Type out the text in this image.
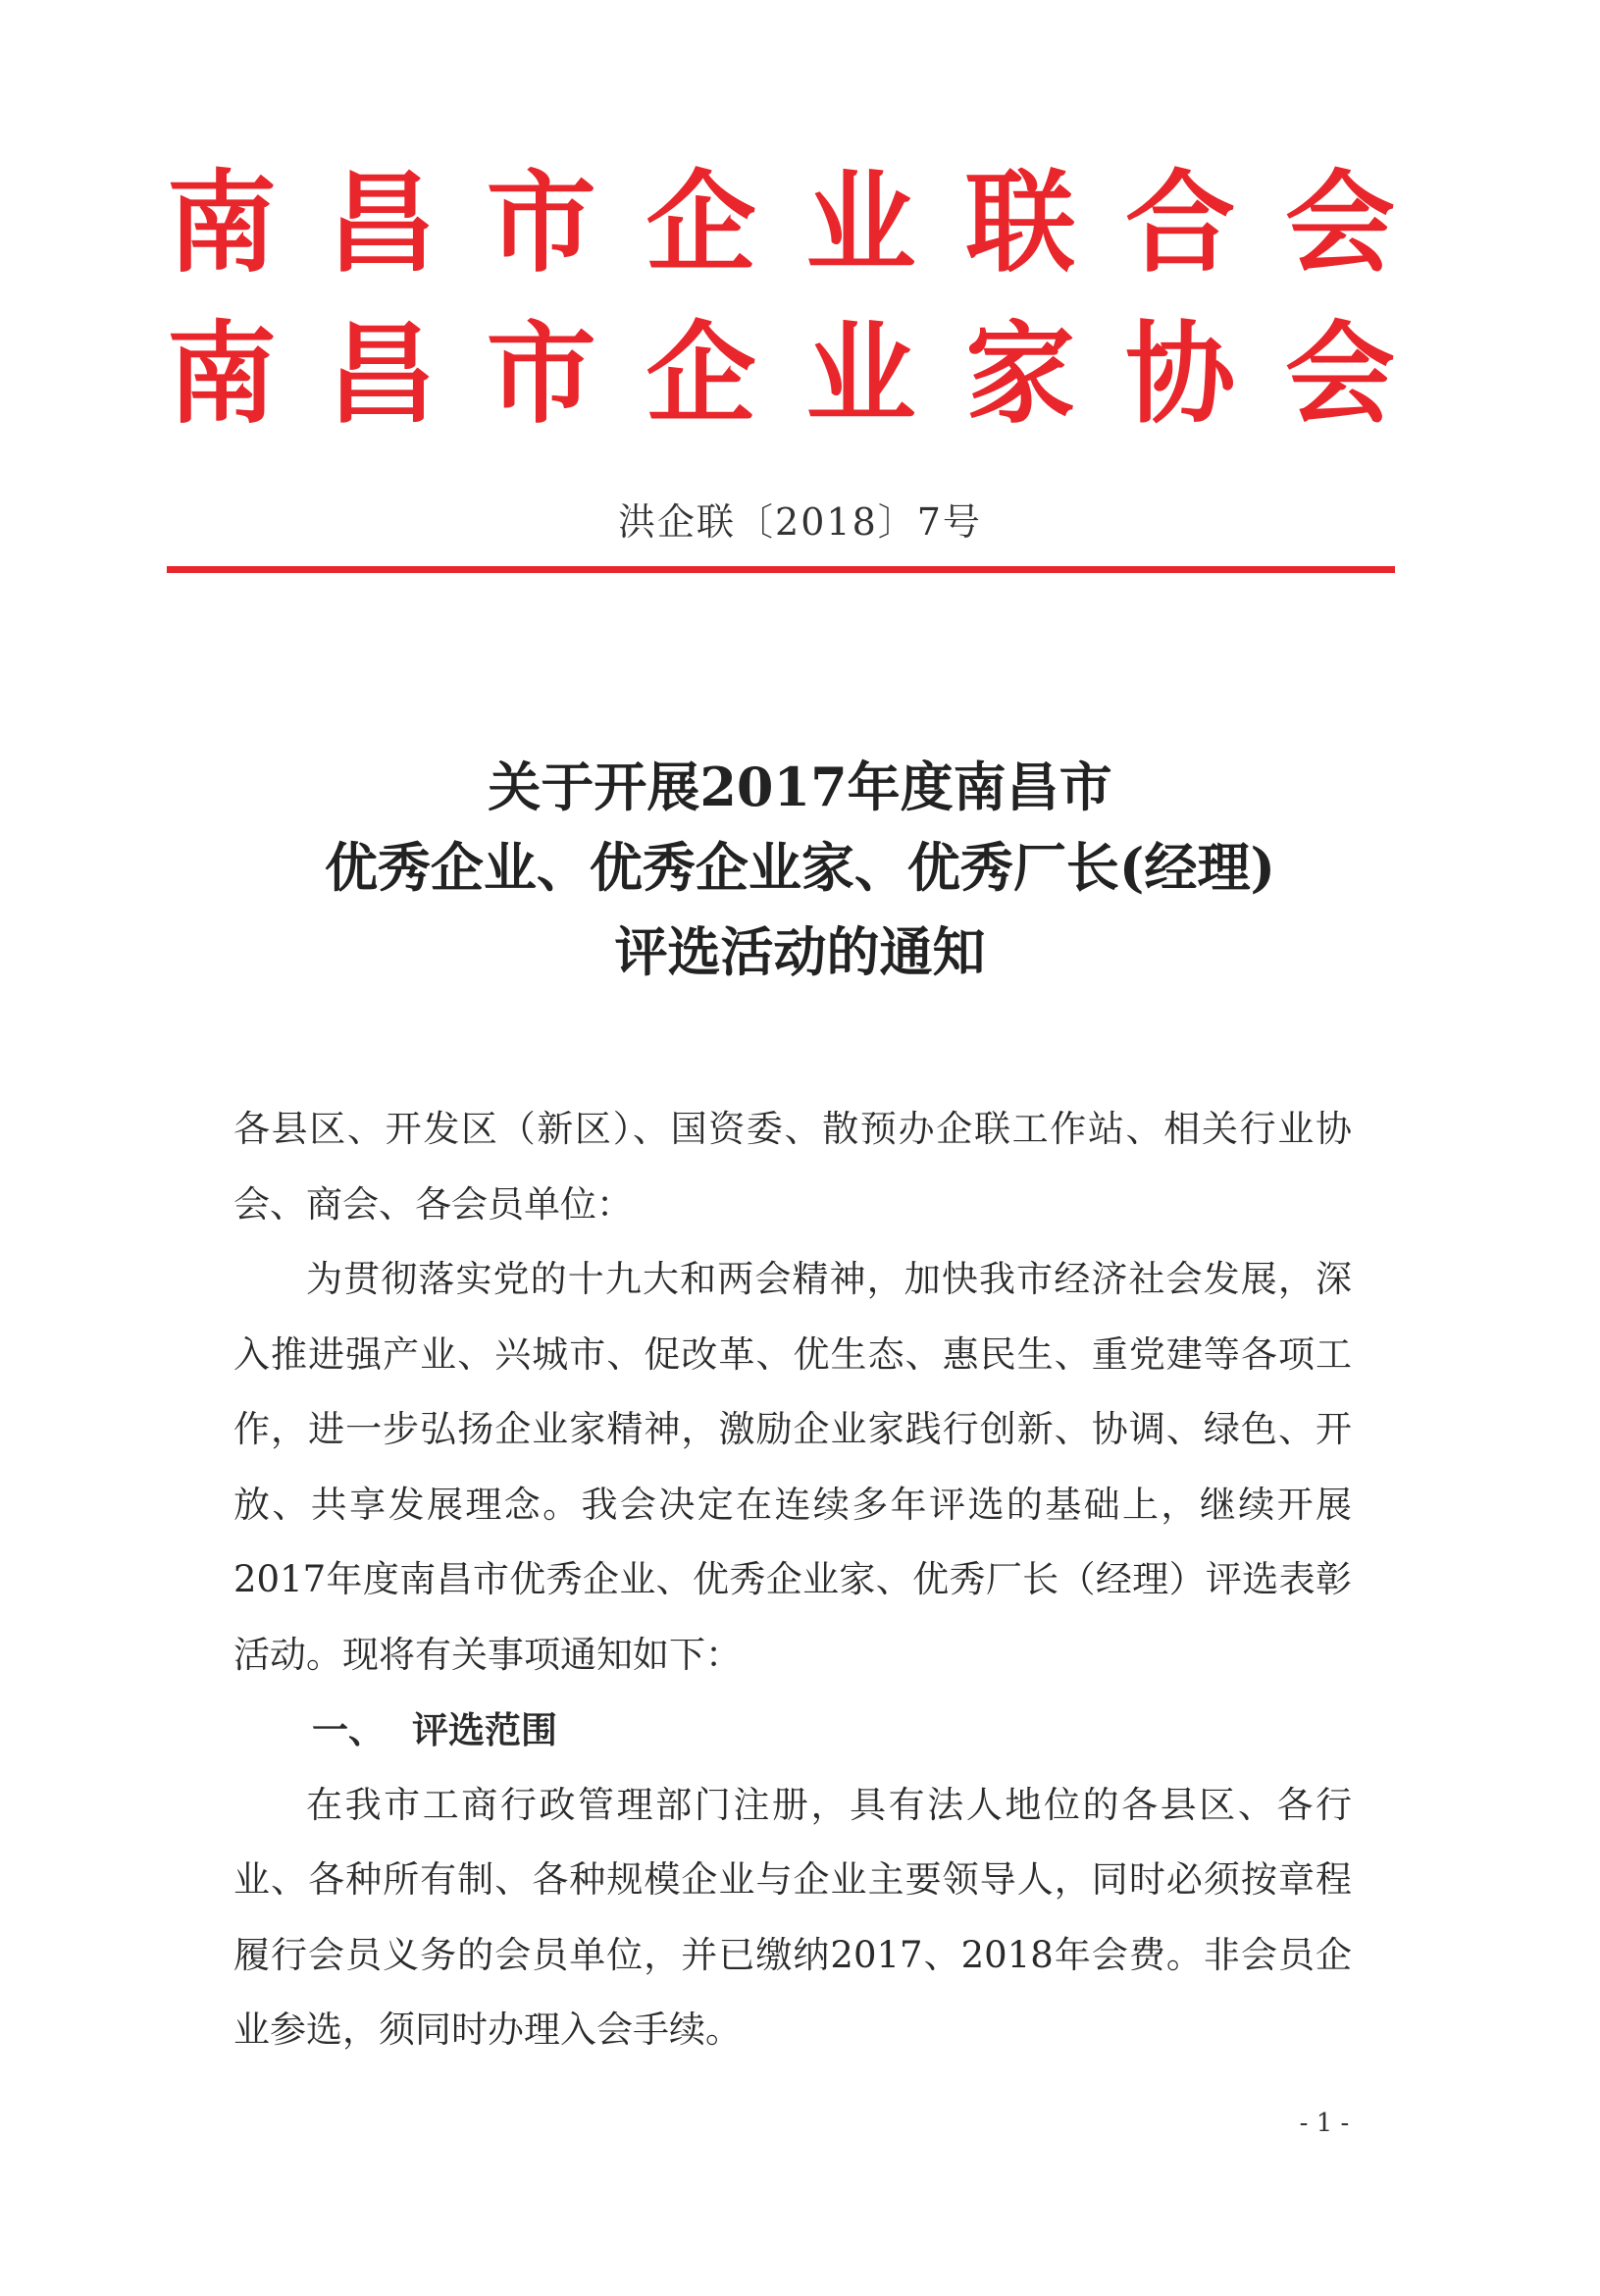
南昌市企业联合会
南昌市企业家协会
洪企联〔2018〕7号
关于开展2017年度南昌市
优秀企业、优秀企业家、优秀厂长(经理)
评选活动的通知

各县区、开发区（新区）、国资委、散预办企联工作站、相关行业协会、商会、各会员单位：

为贯彻落实党的十九大和两会精神，加快我市经济社会发展，深入推进强产业、兴城市、促改革、优生态、惠民生、重党建等各项工作，进一步弘扬企业家精神，激励企业家践行创新、协调、绿色、开放、共享发展理念。我会决定在连续多年评选的基础上，继续开展2017年度南昌市优秀企业、优秀企业家、优秀厂长（经理）评选表彰活动。现将有关事项通知如下：

一、 评选范围

在我市工商行政管理部门注册，具有法人地位的各县区、各行业、各种所有制、各种规模企业与企业主要领导人，同时必须按章程履行会员义务的会员单位，并已缴纳2017、2018年会费。非会员企业参选，须同时办理入会手续。

- 1 -
